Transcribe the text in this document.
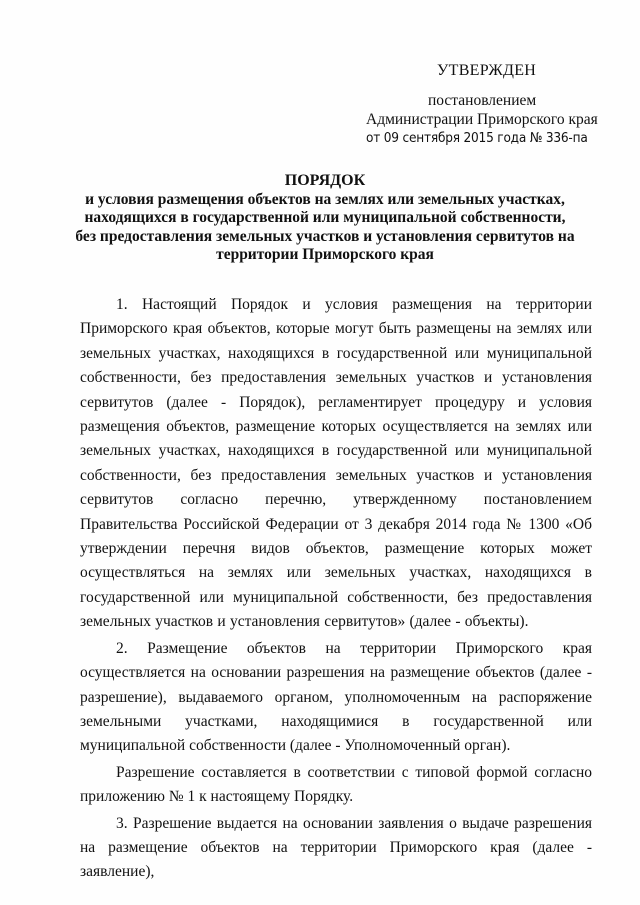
УТВЕРЖДЕН
постановлением
Администрации Приморского края
от 09 сентября 2015 года № 336-па
ПОРЯДОК
и условия размещения объектов на землях или земельных участках, находящихся в государственной или муниципальной собственности, без предоставления земельных участков и установления сервитутов на территории Приморского края

1. Настоящий Порядок и условия размещения на территории Приморского края объектов, которые могут быть размещены на землях или земельных участках, находящихся в государственной или муниципальной собственности, без предоставления земельных участков и установления сервитутов (далее - Порядок), регламентирует процедуру и условия размещения объектов, размещение которых осуществляется на землях или земельных участках, находящихся в государственной или муниципальной собственности, без предоставления земельных участков и установления сервитутов согласно перечню, утвержденному постановлением Правительства Российской Федерации от 3 декабря 2014 года № 1300 «Об утверждении перечня видов объектов, размещение которых может осуществляться на землях или земельных участках, находящихся в государственной или муниципальной собственности, без предоставления земельных участков и установления сервитутов» (далее - объекты).

2. Размещение объектов на территории Приморского края осуществляется на основании разрешения на размещение объектов (далее - разрешение), выдаваемого органом, уполномоченным на распоряжение земельными участками, находящимися в государственной или муниципальной собственности (далее - Уполномоченный орган).

Разрешение составляется в соответствии с типовой формой согласно приложению № 1 к настоящему Порядку.

3. Разрешение выдается на основании заявления о выдаче разрешения на размещение объектов на территории Приморского края (далее - заявление),
